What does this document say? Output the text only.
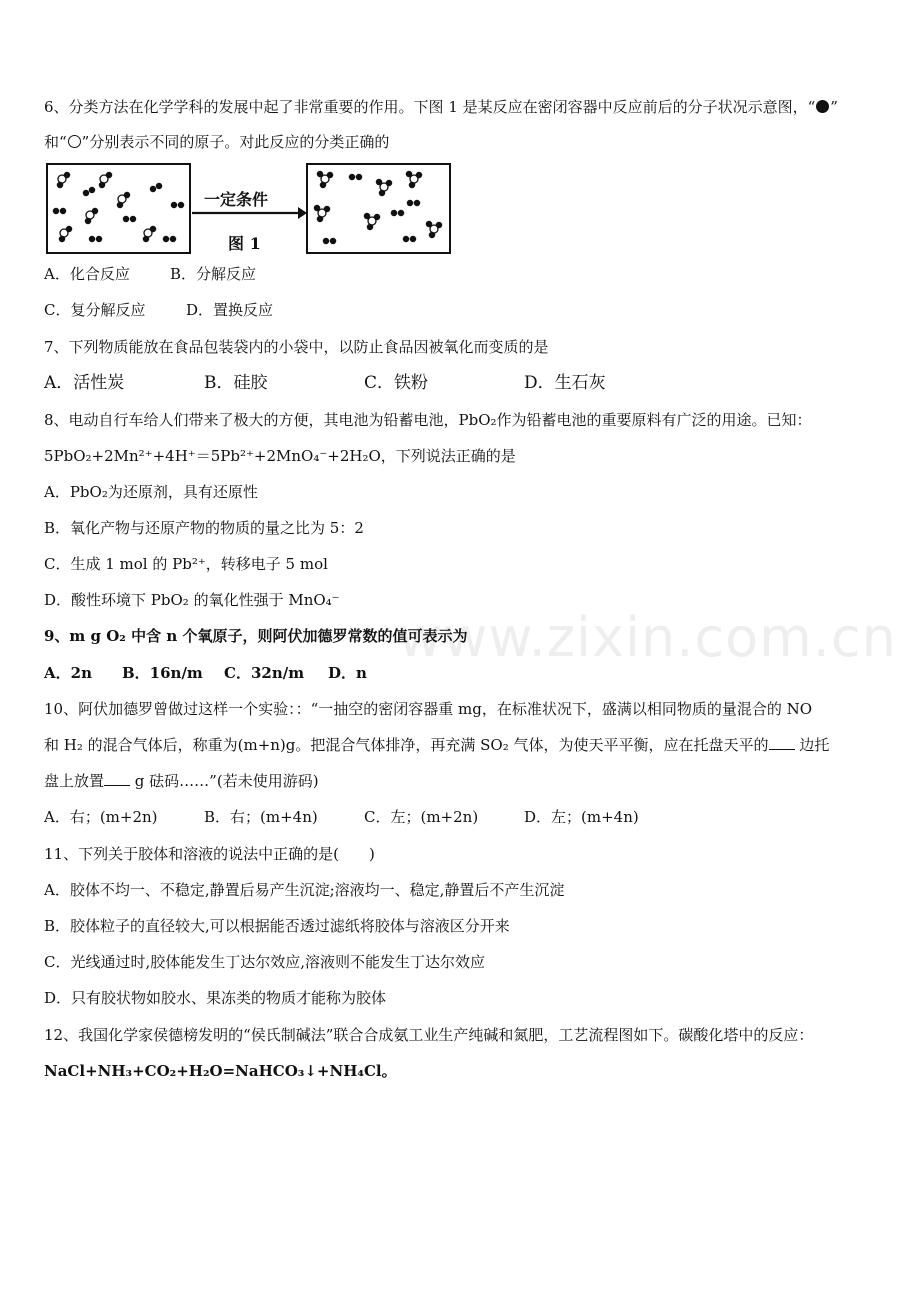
www.zixin.com.cn
6、分类方法在化学学科的发展中起了非常重要的作用。下图 1 是某反应在密闭容器中反应前后的分子状况示意图，“ ”
和“ ”分别表示不同的原子。对此反应的分类正确的
一定条件
图 1
A．化合反应	B．分解反应
C．复分解反应	D．置换反应
7、下列物质能放在食品包装袋内的小袋中，以防止食品因被氧化而变质的是
A．活性炭	B．硅胶	C．铁粉	D．生石灰
8、电动自行车给人们带来了极大的方便，其电池为铅蓄电池，PbO₂作为铅蓄电池的重要原料有广泛的用途。已知：
5PbO₂+2Mn²⁺+4H⁺＝5Pb²⁺+2MnO₄⁻+2H₂O，下列说法正确的是
A．PbO₂为还原剂，具有还原性
B．氧化产物与还原产物的物质的量之比为 5：2
C．生成 1 mol 的 Pb²⁺，转移电子 5 mol
D．酸性环境下 PbO₂ 的氧化性强于 MnO₄⁻
9、m g O₂ 中含 n 个氧原子，则阿伏加德罗常数的值可表示为
A．2n B．16n/m C．32n/m D．n
10、阿伏加德罗曾做过这样一个实验：：“一抽空的密闭容器重 mg，在标准状况下，盛满以相同物质的量混合的 NO
和 H₂ 的混合气体后，称重为(m+n)g。把混合气体排净，再充满 SO₂ 气体，为使天平平衡，应在托盘天平的 边托
盘上放置 g 砝码……”(若未使用游码)
A．右；(m+2n)	B．右；(m+4n)	C．左；(m+2n)	D．左；(m+4n)
11、下列关于胶体和溶液的说法中正确的是(　　)
A．胶体不均一、不稳定,静置后易产生沉淀;溶液均一、稳定,静置后不产生沉淀
B．胶体粒子的直径较大,可以根据能否透过滤纸将胶体与溶液区分开来
C．光线通过时,胶体能发生丁达尔效应,溶液则不能发生丁达尔效应
D．只有胶状物如胶水、果冻类的物质才能称为胶体
12、我国化学家侯德榜发明的“侯氏制碱法”联合合成氨工业生产纯碱和氮肥，工艺流程图如下。碳酸化塔中的反应：
NaCl+NH₃+CO₂+H₂O=NaHCO₃↓+NH₄Cl。
